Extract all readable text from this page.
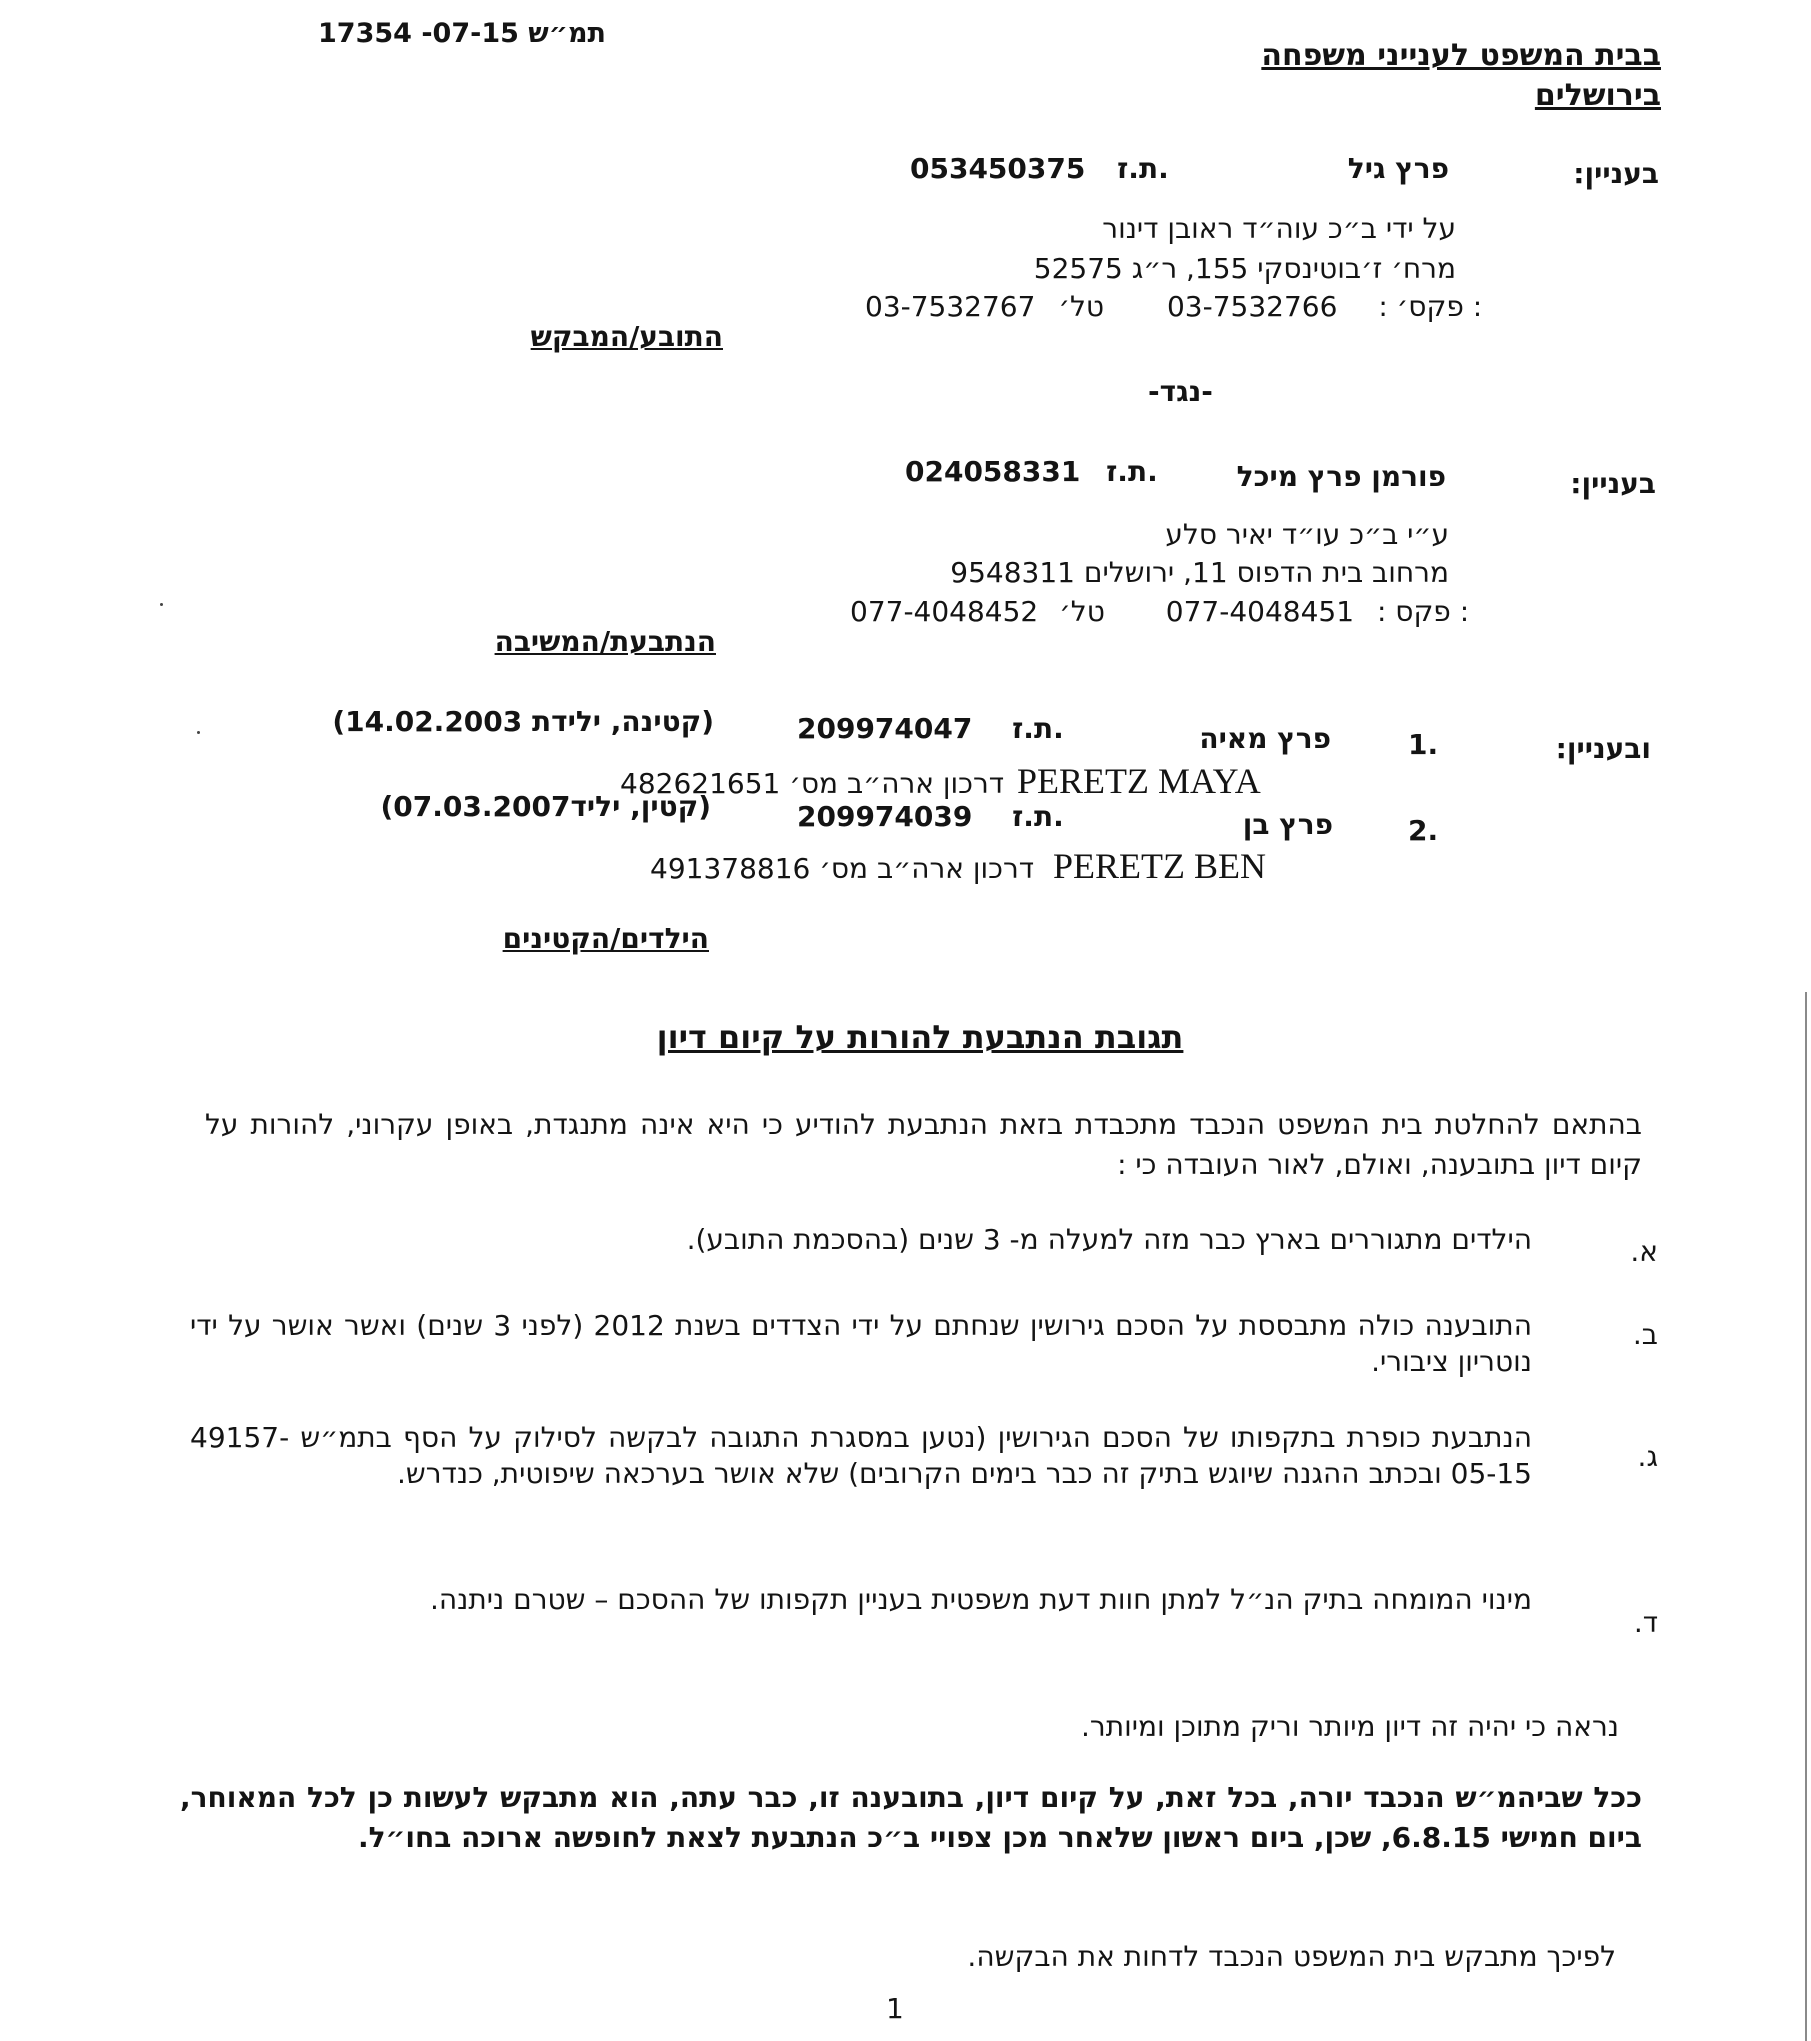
17354 -07-15 תמ״ש
בבית המשפט לענייני משפחה
בירושלים
בעניין:
פרץ גיל
053450375 ת.ז.
על ידי ב״כ עוה״ד ראובן דינור
מרח׳ ז׳בוטינסקי 155, ר״ג 52575
03-7532767	פקס׳ : 03-7532766 טל׳ :
התובע/המבקש
-נגד-
בעניין:
פורמן פרץ מיכל
024058331 ת.ז.
ע״י ב״כ עו״ד יאיר סלע
מרחוב בית הדפוס 11, ירושלים 9548311
077-4048452	פקס : 077-4048451 טל׳ :
הנתבעת/המשיבה
ובעניין:
1.
פרץ מאיה
209974047 ת.ז.
(קטינה, ילידת 14.02.2003)
דרכון ארה״ב מס׳ 482621651 PERETZ MAYA
2.
פרץ בן
209974039 ת.ז.
(קטין, יליד07.03.2007)
דרכון ארה״ב מס׳ 491378816 PERETZ BEN
הילדים/הקטינים
תגובת הנתבעת להורות על קיום דיון
בהתאם להחלטת בית המשפט הנכבד מתכבדת בזאת הנתבעת להודיע כי היא אינה מתנגדת, באופן עקרוני, להורות על קיום דיון בתובענה, ואולם, לאור העובדה כי :
א.
הילדים מתגוררים בארץ כבר מזה למעלה מ- 3 שנים (בהסכמת התובע).
ב.
התובענה כולה מתבססת על הסכם גירושין שנחתם על ידי הצדדים בשנת 2012 (לפני 3 שנים) ואשר אושר על ידי נוטריון ציבורי.
ג.
הנתבעת כופרת בתקפותו של הסכם הגירושין (נטען במסגרת התגובה לבקשה לסילוק על הסף בתמ״ש 49157-05-15 ובכתב ההגנה שיוגש בתיק זה כבר בימים הקרובים) שלא אושר בערכאה שיפוטית, כנדרש.
ד.
מינוי המומחה בתיק הנ״ל למתן חוות דעת משפטית בעניין תקפותו של ההסכם – שטרם ניתנה.
נראה כי יהיה זה דיון מיותר וריק מתוכן ומיותר.
ככל שביהמ״ש הנכבד יורה, בכל זאת, על קיום דיון, בתובענה זו, כבר עתה, הוא מתבקש לעשות כן לכל המאוחר, ביום חמישי 6.8.15, שכן, ביום ראשון שלאחר מכן צפויי ב״כ הנתבעת לצאת לחופשה ארוכה בחו״ל.
לפיכך מתבקש בית המשפט הנכבד לדחות את הבקשה.
1
